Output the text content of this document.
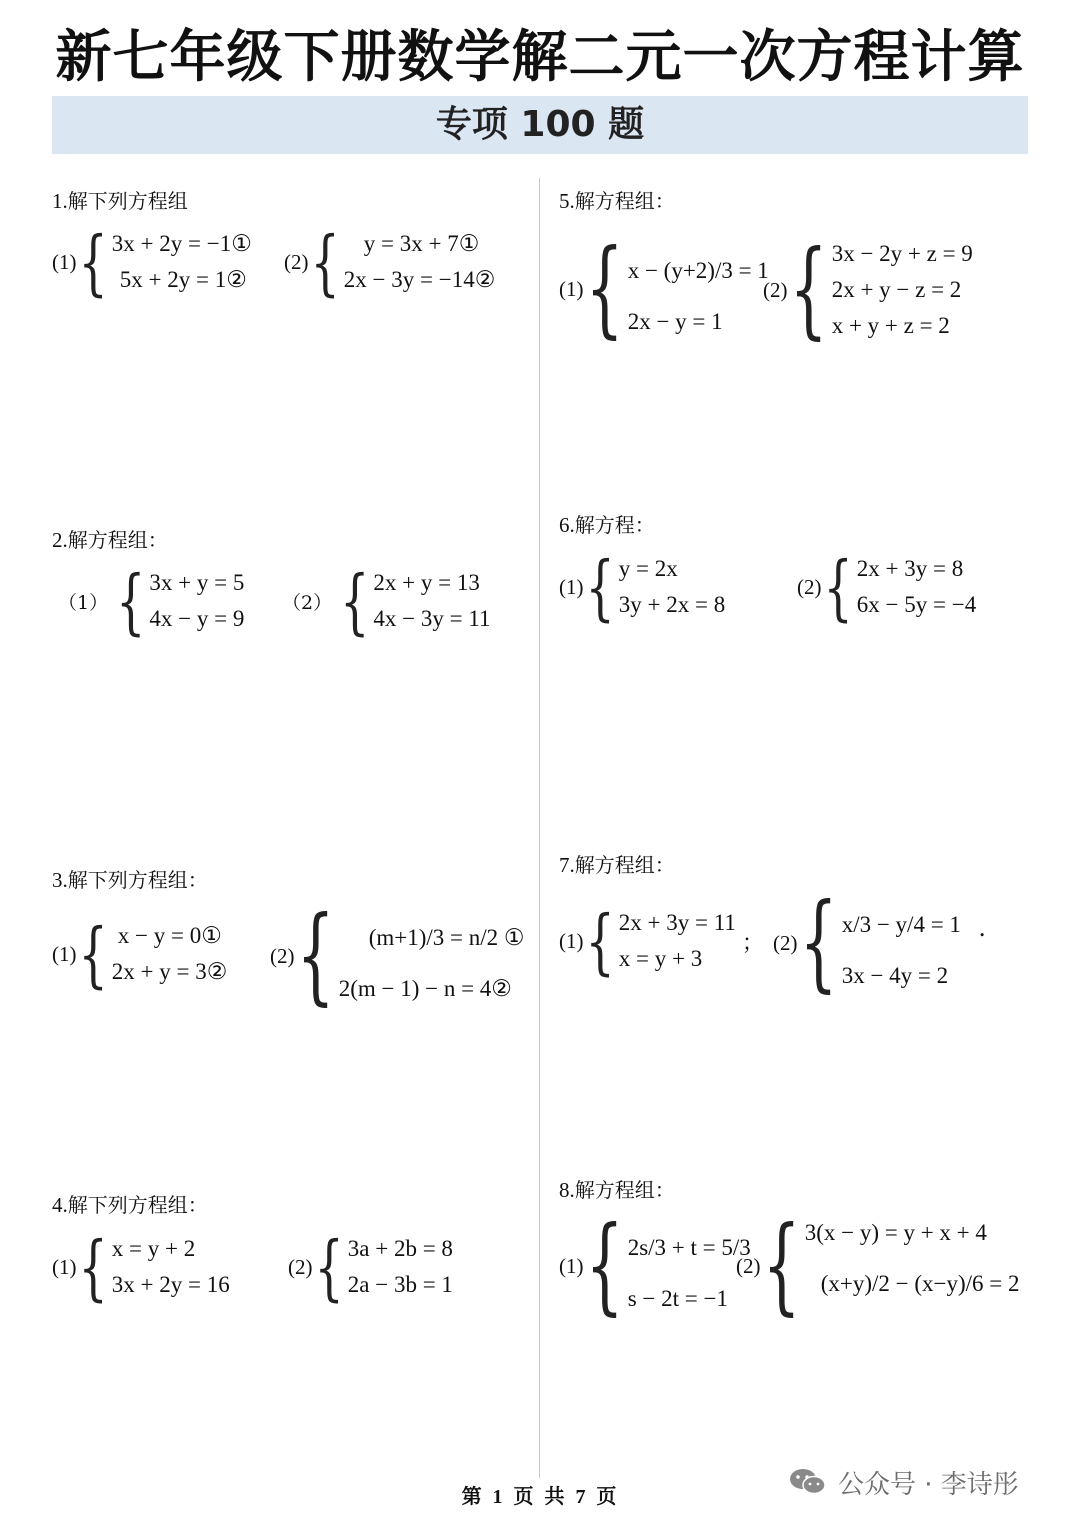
新七年级下册数学解二元一次方程计算
专项 100 题
1.解下列方程组
(1) { 3x + 2y = −1①
5x + 2y = 1②
(2) {	y = 3x + 7①
2x − 3y = −14②
2.解方程组：
（1） { 3x + y = 5
4x − y = 9
（2） { 2x + y = 13
4x − 3y = 11
3.解下列方程组：
(1) { x − y = 0①
2x + y = 3②
(2) {	(m+1)/3 = n/2 ①
2(m − 1) − n = 4②
4.解下列方程组：
(1) { x = y + 2
3x + 2y = 16
(2) { 3a + 2b = 8
2a − 3b = 1
5.解方程组：
(1) { x − (y+2)/3 = 1
2x − y = 1
(2) { 3x − 2y + z = 9
2x + y − z = 2
x + y + z = 2
6.解方程：
(1) { y = 2x
3y + 2x = 8
(2) { 2x + 3y = 8
6x − 5y = −4
7.解方程组：
(1) { 2x + 3y = 11
x = y + 3
； (2) { x/3 − y/4 = 1
3x − 4y = 2
.
8.解方程组：
(1) { 2s/3 + t = 5/3
s − 2t = −1
(2) { 3(x − y) = y + x + 4
(x+y)/2 − (x−y)/6 = 2
第 1 页 共 7 页	公众号 · 李诗彤
